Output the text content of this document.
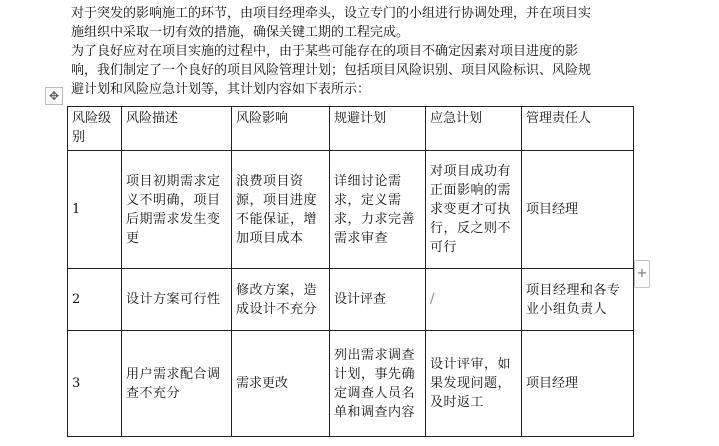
对于突发的影响施工的环节，由项目经理牵头，设立专门的小组进行协调处理，并在项目实
施组织中采取一切有效的措施，确保关键工期的工程完成。
为了良好应对在项目实施的过程中，由于某些可能存在的项目不确定因素对项目进度的影
响，我们制定了一个良好的项目风险管理计划；包括项目风险识别、项目风险标识、风险规
避计划和风险应急计划等，其计划内容如下表所示：
✥
+
风险级别	风险描述	风险影响	规避计划	应急计划	管理责任人
1	项目初期需求定义不明确，项目后期需求发生变更	浪费项目资源，项目进度不能保证，增加项目成本	详细讨论需求，定义需求，力求完善需求审查	对项目成功有正面影响的需求变更才可执行，反之则不可行	项目经理
2	设计方案可行性	修改方案，造成设计不充分	设计评查	/	项目经理和各专业小组负责人
3	用户需求配合调查不充分	需求更改	列出需求调查计划，事先确定调查人员名单和调查内容	设计评审，如果发现问题，及时返工	项目经理
